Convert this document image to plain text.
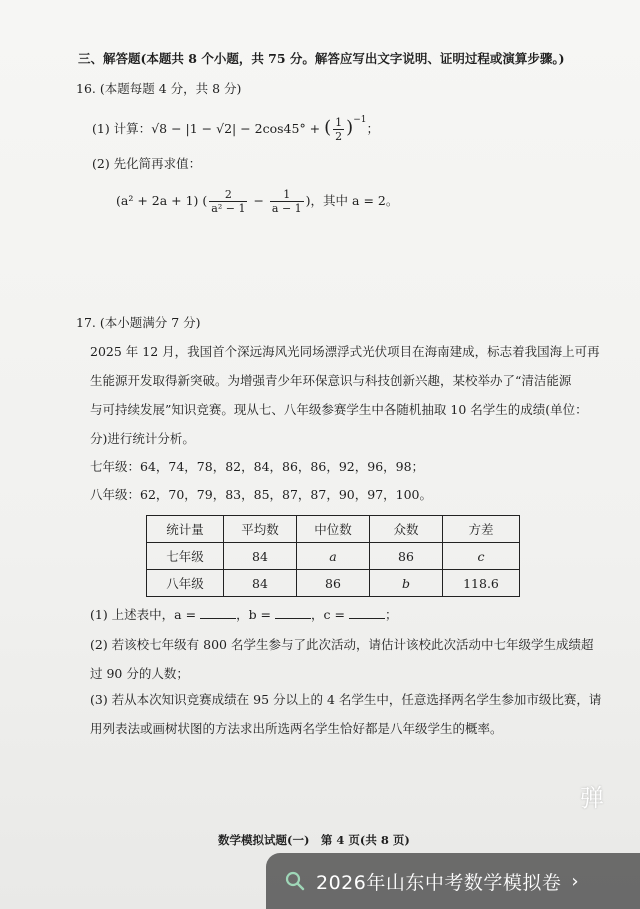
三、解答题(本题共 8 个小题，共 75 分。解答应写出文字说明、证明过程或演算步骤。)
16. (本题每题 4 分，共 8 分)
(1) 计算：√8 − |1 − √2| − 2cos45° + ( $\frac{1}{2} )^{-1}$；
(2) 先化简再求值：
(a² + 2a + 1) ( $\frac{2}{\text{a² − 1}} - \frac{1}{a - 1}$ )，其中 a = 2。
17. (本小题满分 7 分)
2025 年 12 月，我国首个深远海风光同场漂浮式光伏项目在海南建成，标志着我国海上可再
生能源开发取得新突破。为增强青少年环保意识与科技创新兴趣，某校举办了“清洁能源
与可持续发展”知识竞赛。现从七、八年级参赛学生中各随机抽取 10 名学生的成绩(单位：
分)进行统计分析。
七年级：64，74，78，82，84，86，86，92，96，98；
八年级：62，70，79，83，85，87，87，90，97，100。
统计量	平均数	中位数	众数	方差
七年级	84	a	86	c
八年级	84	86	b	118.6
(1) 上述表中，a =	，b =	，c =	；
(2) 若该校七年级有 800 名学生参与了此次活动，请估计该校此次活动中七年级学生成绩超
过 90 分的人数；
(3) 若从本次知识竞赛成绩在 95 分以上的 4 名学生中，任意选择两名学生参加市级比赛，请
用列表法或画树状图的方法求出所选两名学生恰好都是八年级学生的概率。
弹
数学模拟试题(一)　第 4 页(共 8 页)
2026年山东中考数学模拟卷 ›
